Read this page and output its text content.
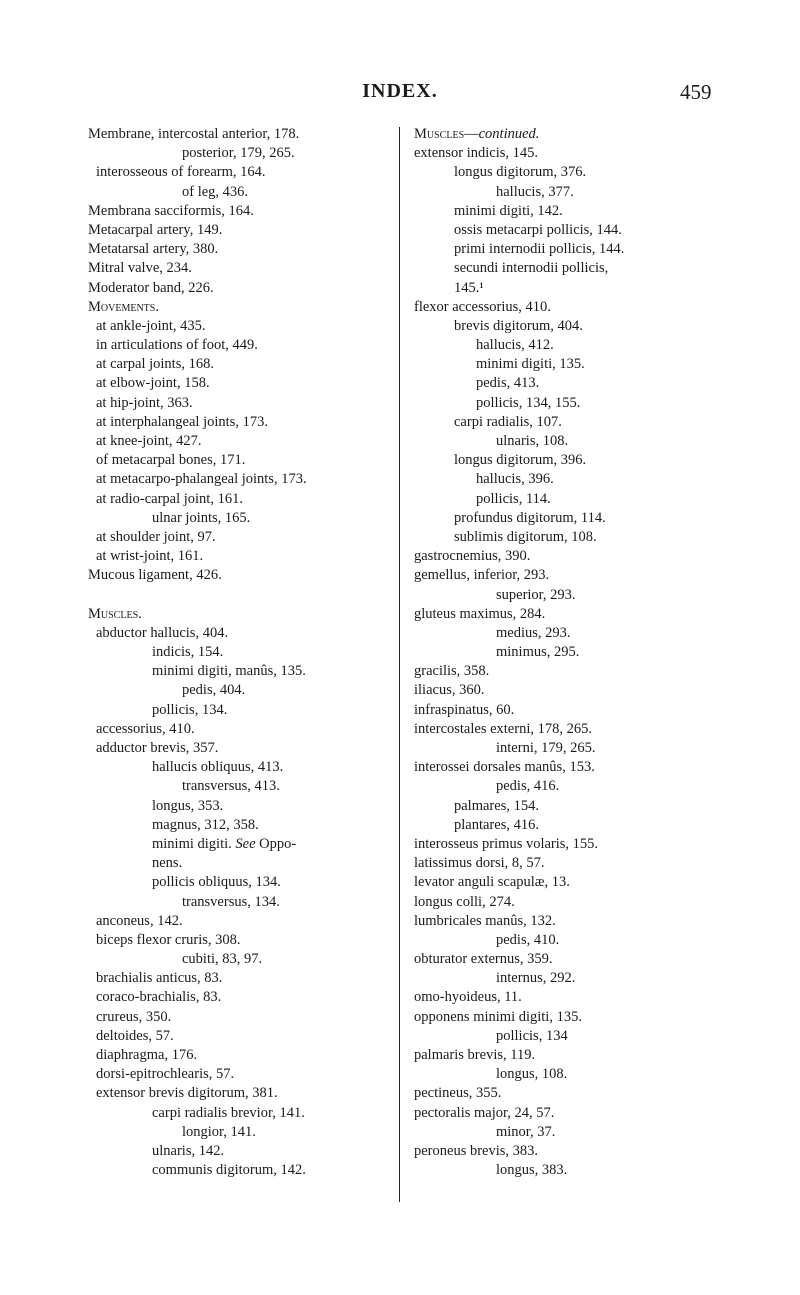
INDEX.	459
Membrane, intercostal anterior, 178.
posterior, 179, 265.
interosseous of forearm, 164.
of leg, 436.
Membrana sacciformis, 164.
Metacarpal artery, 149.
Metatarsal artery, 380.
Mitral valve, 234.
Moderator band, 226.
Movements.
at ankle-joint, 435.
in articulations of foot, 449.
at carpal joints, 168.
at elbow-joint, 158.
at hip-joint, 363.
at interphalangeal joints, 173.
at knee-joint, 427.
of metacarpal bones, 171.
at metacarpo-phalangeal joints, 173.
at radio-carpal joint, 161.
ulnar joints, 165.
at shoulder joint, 97.
at wrist-joint, 161.
Mucous ligament, 426.
Muscles.
abductor hallucis, 404.
indicis, 154.
minimi digiti, manûs, 135.
pedis, 404.
pollicis, 134.
accessorius, 410.
adductor brevis, 357.
hallucis obliquus, 413.
transversus, 413.
longus, 353.
magnus, 312, 358.
minimi digiti. See Oppo-
nens.
pollicis obliquus, 134.
transversus, 134.
anconeus, 142.
biceps flexor cruris, 308.
cubiti, 83, 97.
brachialis anticus, 83.
coraco-brachialis, 83.
crureus, 350.
deltoides, 57.
diaphragma, 176.
dorsi-epitrochlearis, 57.
extensor brevis digitorum, 381.
carpi radialis brevior, 141.
longior, 141.
ulnaris, 142.
communis digitorum, 142.
Muscles—continued.
extensor indicis, 145.
longus digitorum, 376.
hallucis, 377.
minimi digiti, 142.
ossis metacarpi pollicis, 144.
primi internodii pollicis, 144.
secundi internodii pollicis,
145.¹
flexor accessorius, 410.
brevis digitorum, 404.
hallucis, 412.
minimi digiti, 135.
pedis, 413.
pollicis, 134, 155.
carpi radialis, 107.
ulnaris, 108.
longus digitorum, 396.
hallucis, 396.
pollicis, 114.
profundus digitorum, 114.
sublimis digitorum, 108.
gastrocnemius, 390.
gemellus, inferior, 293.
superior, 293.
gluteus maximus, 284.
medius, 293.
minimus, 295.
gracilis, 358.
iliacus, 360.
infraspinatus, 60.
intercostales externi, 178, 265.
interni, 179, 265.
interossei dorsales manûs, 153.
pedis, 416.
palmares, 154.
plantares, 416.
interosseus primus volaris, 155.
latissimus dorsi, 8, 57.
levator anguli scapulæ, 13.
longus colli, 274.
lumbricales manûs, 132.
pedis, 410.
obturator externus, 359.
internus, 292.
omo-hyoideus, 11.
opponens minimi digiti, 135.
pollicis, 134
palmaris brevis, 119.
longus, 108.
pectineus, 355.
pectoralis major, 24, 57.
minor, 37.
peroneus brevis, 383.
longus, 383.
